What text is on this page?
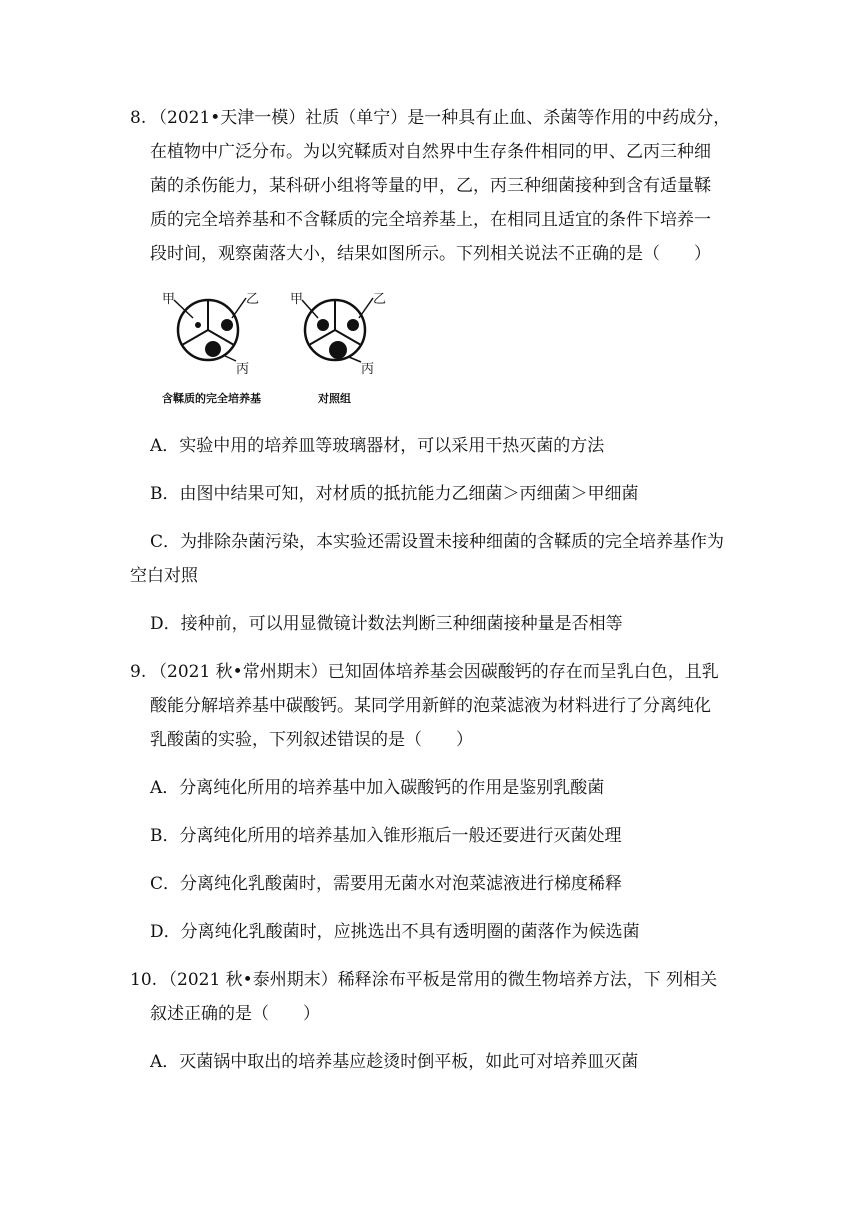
8. （2021•天津一模）社质（单宁）是一种具有止血、杀菌等作用的中药成分，
在植物中广泛分布。为以究鞣质对自然界中生存条件相同的甲、乙丙三种细
菌的杀伤能力，某科研小组将等量的甲，乙，丙三种细菌接种到含有适量鞣
质的完全培养基和不含鞣质的完全培养基上，在相同且适宜的条件下培养一
段时间，观察菌落大小，结果如图所示。下列相关说法不正确的是（　　）
甲	乙
丙
甲	乙
丙
含鞣质的完全培养基	对照组
A．实验中用的培养皿等玻璃器材，可以采用干热灭菌的方法
B．由图中结果可知，对材质的抵抗能力乙细菌＞丙细菌＞甲细菌
C．为排除杂菌污染，本实验还需设置未接种细菌的含鞣质的完全培养基作为
空白对照
D．接种前，可以用显微镜计数法判断三种细菌接种量是否相等
9. （2021 秋•常州期末）已知固体培养基会因碳酸钙的存在而呈乳白色，且乳
酸能分解培养基中碳酸钙。某同学用新鲜的泡菜滤液为材料进行了分离纯化
乳酸菌的实验，下列叙述错误的是（　　）
A．分离纯化所用的培养基中加入碳酸钙的作用是鉴别乳酸菌
B．分离纯化所用的培养基加入锥形瓶后一般还要进行灭菌处理
C．分离纯化乳酸菌时，需要用无菌水对泡菜滤液进行梯度稀释
D．分离纯化乳酸菌时，应挑选出不具有透明圈的菌落作为候选菌
10. （2021 秋•泰州期末）稀释涂布平板是常用的微生物培养方法，下 列相关
叙述正确的是（　　）
A．灭菌锅中取出的培养基应趁烫时倒平板，如此可对培养皿灭菌
